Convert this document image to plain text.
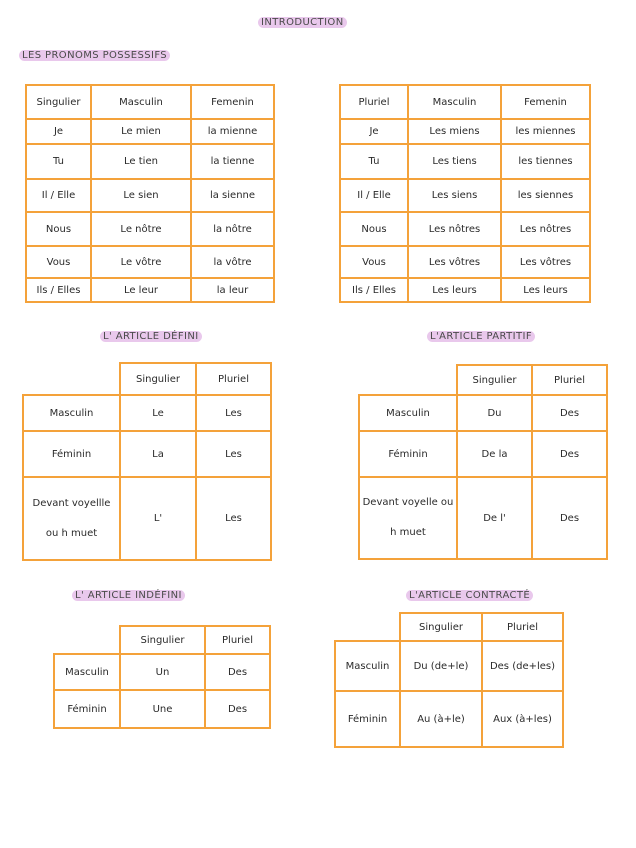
INTRODUCTION
LES PRONOMS POSSESSIFS
L' ARTICLE DÉFINI	L'ARTICLE PARTITIF
L' ARTICLE INDÉFINI	L'ARTICLE CONTRACTÉ
Singulier	Masculin	Femenin
Je	Le mien	la mienne
Tu	Le tien	la tienne
Il / Elle	Le sien	la sienne
Nous	Le nôtre	la nôtre
Vous	Le vôtre	la vôtre
Ils / Elles	Le leur	la leur
Pluriel	Masculin	Femenin
Je	Les miens	les miennes
Tu	Les tiens	les tiennes
Il / Elle	Les siens	les siennes
Nous	Les nôtres	Les nôtres
Vous	Les vôtres	Les vôtres
Ils / Elles	Les leurs	Les leurs
	Singulier	Pluriel
Masculin	Le	Les
Féminin	La	Les
Devant voyellle ou h muet	L'	Les
	Singulier	Pluriel
Masculin	Du	Des
Féminin	De la	Des
Devant voyelle ou h muet	De l'	Des
	Singulier	Pluriel
Masculin	Un	Des
Féminin	Une	Des
	Singulier	Pluriel
Masculin	Du (de+le)	Des (de+les)
Féminin	Au (à+le)	Aux (à+les)
